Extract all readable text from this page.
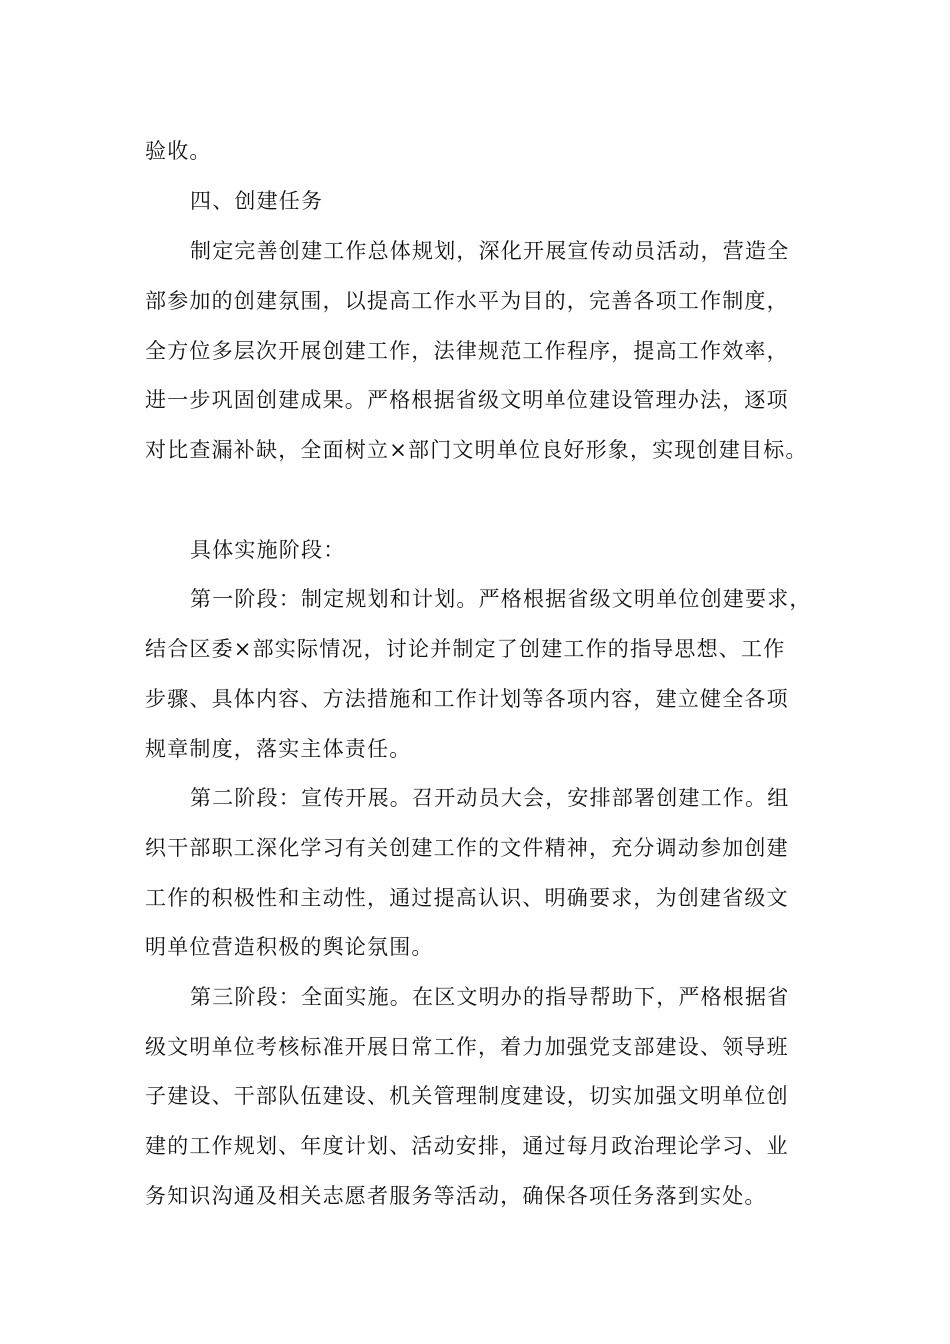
验收。
四、创建任务
制定完善创建工作总体规划，深化开展宣传动员活动，营造全
部参加的创建氛围，以提高工作水平为目的，完善各项工作制度，
全方位多层次开展创建工作，法律规范工作程序，提高工作效率，
进一步巩固创建成果。严格根据省级文明单位建设管理办法，逐项
对比查漏补缺，全面树立×部门文明单位良好形象，实现创建目标。
具体实施阶段：
第一阶段：制定规划和计划。严格根据省级文明单位创建要求，
结合区委×部实际情况，讨论并制定了创建工作的指导思想、工作
步骤、具体内容、方法措施和工作计划等各项内容，建立健全各项
规章制度，落实主体责任。
第二阶段：宣传开展。召开动员大会，安排部署创建工作。组
织干部职工深化学习有关创建工作的文件精神，充分调动参加创建
工作的积极性和主动性，通过提高认识、明确要求，为创建省级文
明单位营造积极的舆论氛围。
第三阶段：全面实施。在区文明办的指导帮助下，严格根据省
级文明单位考核标准开展日常工作，着力加强党支部建设、领导班
子建设、干部队伍建设、机关管理制度建设，切实加强文明单位创
建的工作规划、年度计划、活动安排，通过每月政治理论学习、业
务知识沟通及相关志愿者服务等活动，确保各项任务落到实处。
